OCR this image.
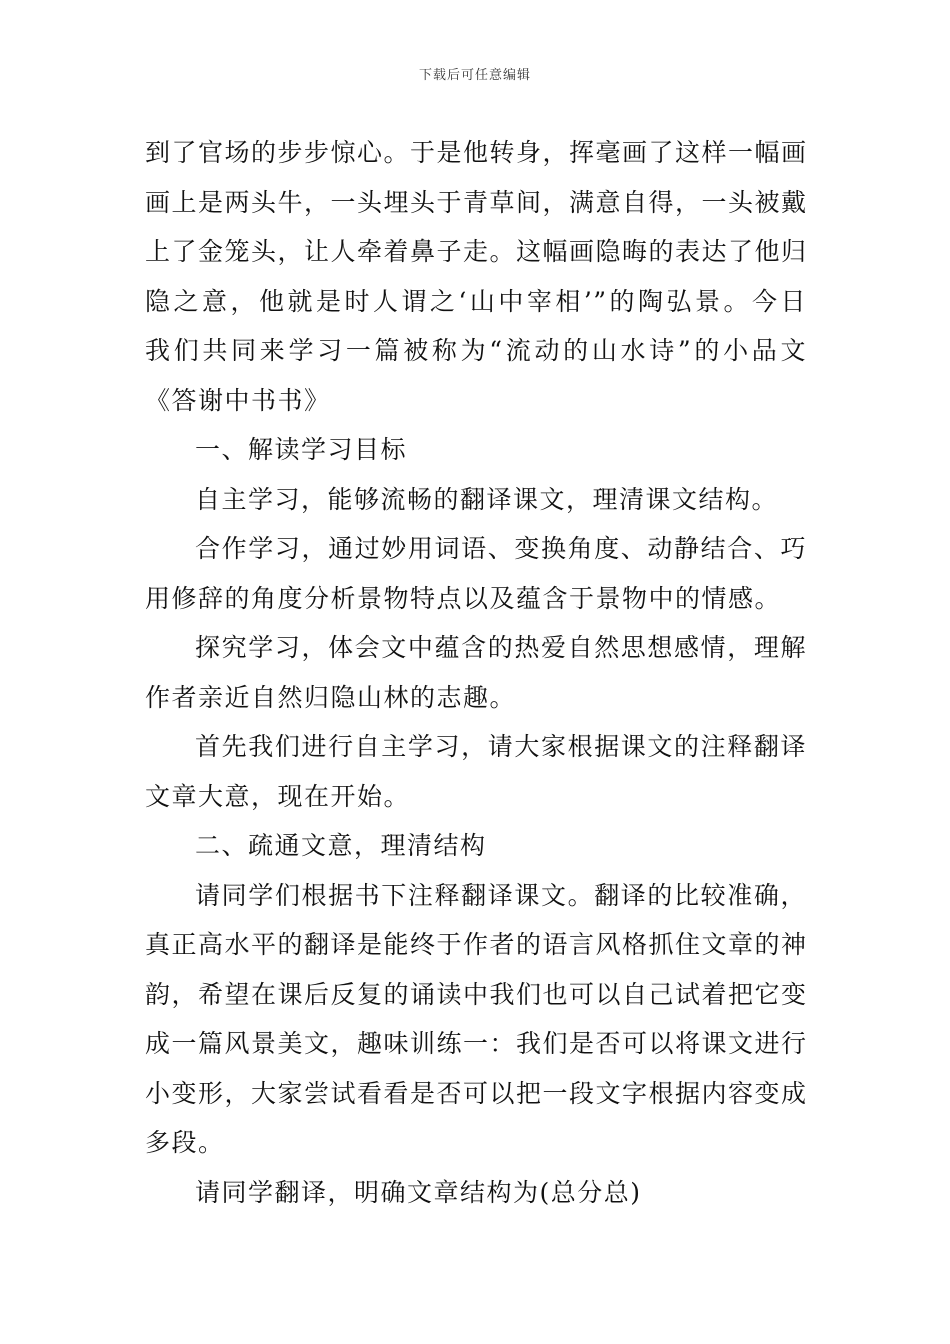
下载后可任意编辑
到了官场的步步惊心。于是他转身，挥毫画了这样一幅画
画上是两头牛，一头埋头于青草间，满意自得，一头被戴
上了金笼头，让人牵着鼻子走。这幅画隐晦的表达了他归
隐之意，他就是时人谓之‘山中宰相’”的陶弘景。今日
我们共同来学习一篇被称为“流动的山水诗”的小品文
《答谢中书书》
一、解读学习目标
自主学习，能够流畅的翻译课文，理清课文结构。
合作学习，通过妙用词语、变换角度、动静结合、巧
用修辞的角度分析景物特点以及蕴含于景物中的情感。
探究学习，体会文中蕴含的热爱自然思想感情，理解
作者亲近自然归隐山林的志趣。
首先我们进行自主学习，请大家根据课文的注释翻译
文章大意，现在开始。
二、疏通文意，理清结构
请同学们根据书下注释翻译课文。翻译的比较准确，
真正高水平的翻译是能终于作者的语言风格抓住文章的神
韵，希望在课后反复的诵读中我们也可以自己试着把它变
成一篇风景美文，趣味训练一：我们是否可以将课文进行
小变形，大家尝试看看是否可以把一段文字根据内容变成
多段。
请同学翻译，明确文章结构为(总分总)
